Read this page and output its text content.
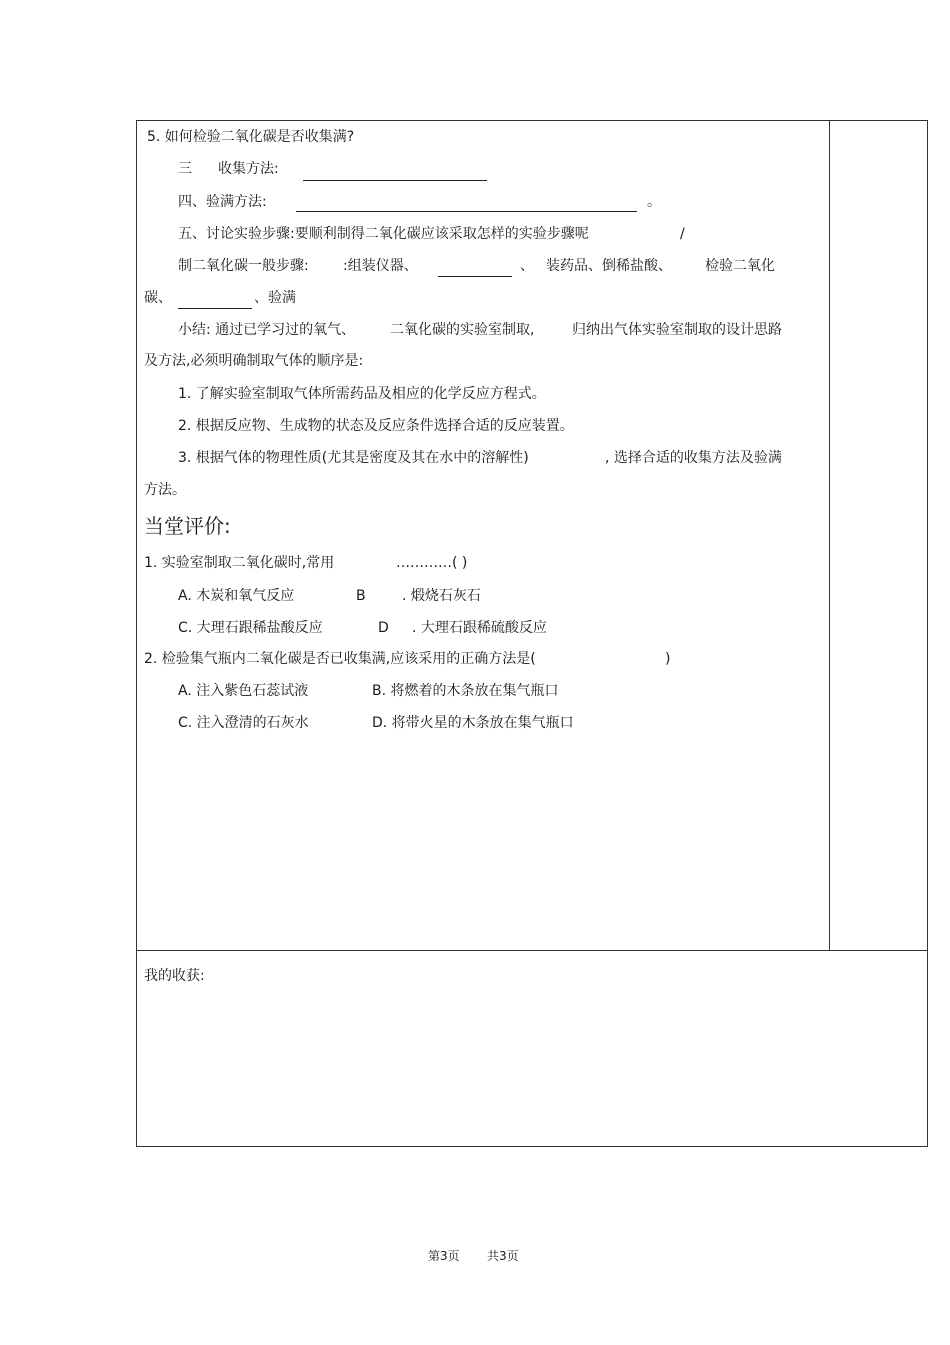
5. 如何检验二氧化碳是否收集满?
三 收集方法:
四、验满方法:	。
五、讨论实验步骤:要顺利制得二氧化碳应该采取怎样的实验步骤呢	/
制二氧化碳一般步骤: :组装仪器、	、 装药品、倒稀盐酸、 检验二氧化
碳、	、验满
小结: 通过已学习过的氧气、 二氧化碳的实验室制取,	归纳出气体实验室制取的设计思路
及方法,必须明确制取气体的顺序是:
1. 了解实验室制取气体所需药品及相应的化学反应方程式。
2. 根据反应物、生成物的状态及反应条件选择合适的反应装置。
3. 根据气体的物理性质(尤其是密度及其在水中的溶解性)	, 选择合适的收集方法及验满
方法。
当堂评价:
1. 实验室制取二氧化碳时,常用	…………( )
A. 木炭和氧气反应	B	. 煅烧石灰石
C. 大理石跟稀盐酸反应	D . 大理石跟稀硫酸反应
2. 检验集气瓶内二氧化碳是否已收集满,应该采用的正确方法是(	)
A. 注入紫色石蕊试液	B. 将燃着的木条放在集气瓶口
C. 注入澄清的石灰水	D. 将带火星的木条放在集气瓶口
我的收获:
第3页 共3页
